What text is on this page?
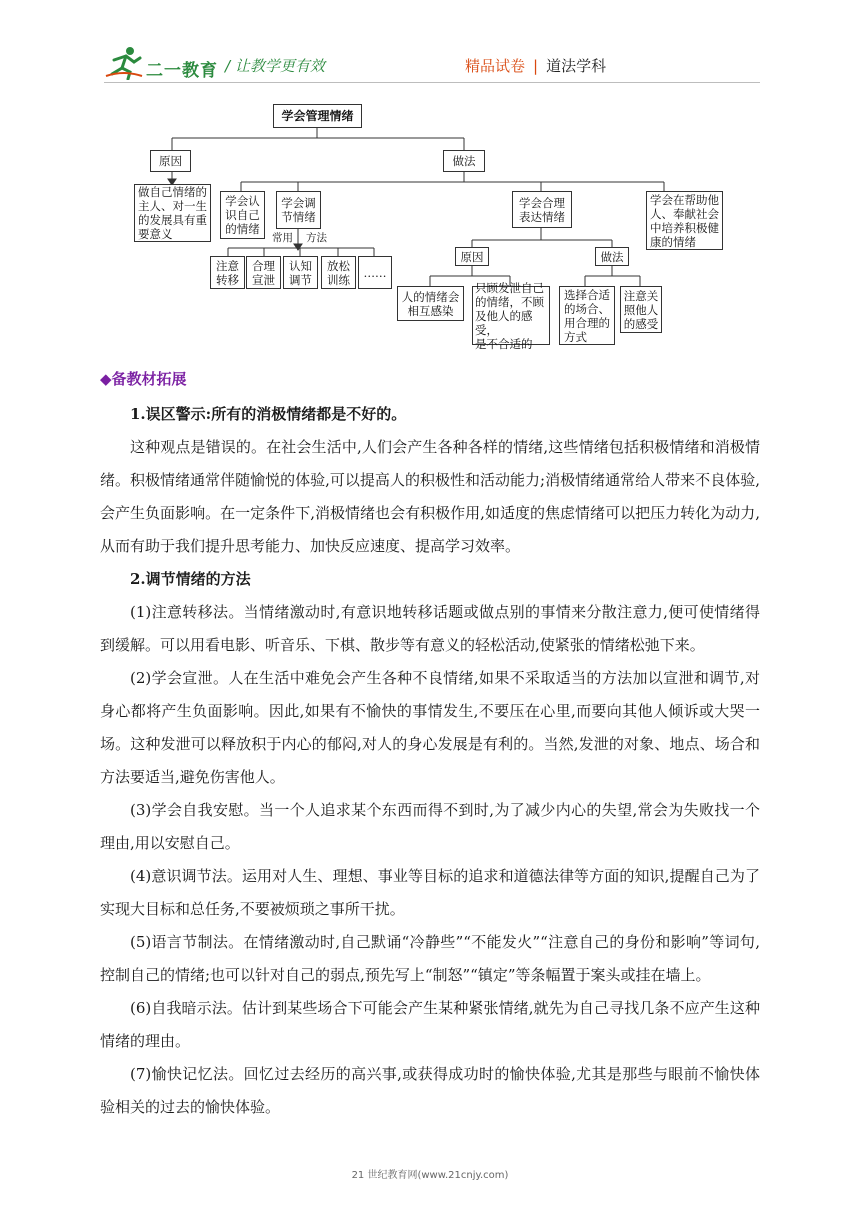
二一教育 / 让教学更有效	精品试卷 | 道法学科
学会管理情绪
原因
做自己情绪的
主人、对一生
的发展具有重
要意义
做法
学会认
识自己
的情绪
学会调
节情绪
常用 方法
注意
转移
合理
宣泄
认知
调节
放松
训练	……
学会合理
表达情绪
原因	做法
人的情绪会
相互感染
只顾发泄自己
的情绪，不顾
及他人的感受，
是不合适的
选择合适
的场合、
用合理的
方式
注意关
照他人
的感受
学会在帮助他
人、奉献社会
中培养积极健
康的情绪
◆备教材拓展

1.误区警示:所有的消极情绪都是不好的。

这种观点是错误的。在社会生活中,人们会产生各种各样的情绪,这些情绪包括积极情绪和消极情绪。积极情绪通常伴随愉悦的体验,可以提高人的积极性和活动能力;消极情绪通常给人带来不良体验,会产生负面影响。在一定条件下,消极情绪也会有积极作用,如适度的焦虑情绪可以把压力转化为动力,从而有助于我们提升思考能力、加快反应速度、提高学习效率。

2.调节情绪的方法

(1)注意转移法。当情绪激动时,有意识地转移话题或做点别的事情来分散注意力,便可使情绪得到缓解。可以用看电影、听音乐、下棋、散步等有意义的轻松活动,使紧张的情绪松弛下来。

(2)学会宣泄。人在生活中难免会产生各种不良情绪,如果不采取适当的方法加以宣泄和调节,对身心都将产生负面影响。因此,如果有不愉快的事情发生,不要压在心里,而要向其他人倾诉或大哭一场。这种发泄可以释放积于内心的郁闷,对人的身心发展是有利的。当然,发泄的对象、地点、场合和方法要适当,避免伤害他人。

(3)学会自我安慰。当一个人追求某个东西而得不到时,为了减少内心的失望,常会为失败找一个理由,用以安慰自己。

(4)意识调节法。运用对人生、理想、事业等目标的追求和道德法律等方面的知识,提醒自己为了实现大目标和总任务,不要被烦琐之事所干扰。

(5)语言节制法。在情绪激动时,自己默诵“冷静些”“不能发火”“注意自己的身份和影响”等词句,控制自己的情绪;也可以针对自己的弱点,预先写上“制怒”“镇定”等条幅置于案头或挂在墙上。

(6)自我暗示法。估计到某些场合下可能会产生某种紧张情绪,就先为自己寻找几条不应产生这种情绪的理由。

(7)愉快记忆法。回忆过去经历的高兴事,或获得成功时的愉快体验,尤其是那些与眼前不愉快体验相关的过去的愉快体验。

21 世纪教育网(www.21cnjy.com)
